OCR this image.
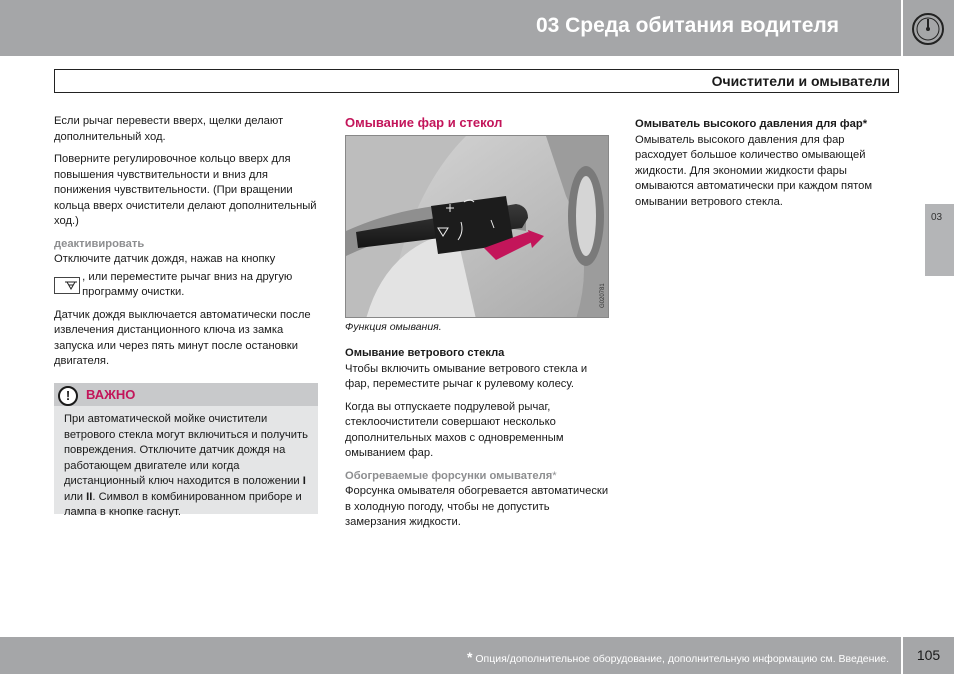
03 Среда обитания водителя
Очистители и омыватели
03

Если рычаг перевести вверх, щелки делают дополнительный ход.

Поверните регулировочное кольцо вверх для повышения чувствительности и вниз для понижения чувствительности. (При вращении кольца вверх очистители делают дополнительный ход.)

деактивировать

Отключите датчик дождя, нажав на кнопку

, или переместите рычаг вниз на другую программу очистки.

Датчик дождя выключается автоматически после извлечения дистанционного ключа из замка запуска или через пять минут после остановки двигателя.

!	ВАЖНО
При автоматической мойке очистители ветрового стекла могут включиться и получить повреждения. Отключите датчик дождя на работающем двигателе или когда дистанционный ключ находится в положении I или II. Символ в комбинированном приборе и лампа в кнопке гаснут.
Омывание фар и стекол
G020781
Функция омывания.

Омывание ветрового стекла

Чтобы включить омывание ветрового стекла и фар, переместите рычаг к рулевому колесу.

Когда вы отпускаете подрулевой рычаг, стеклоочистители совершают несколько дополнительных махов с одновременным омыванием фар.

Обогреваемые форсунки омывателя*

Форсунка омывателя обогревается автоматически в холодную погоду, чтобы не допустить замерзания жидкости.

Омыватель высокого давления для фар*

Омыватель высокого давления для фар расходует большое количество омывающей жидкости. Для экономии жидкости фары омываются автоматически при каждом пятом омывании ветрового стекла.

* Опция/дополнительное оборудование, дополнительную информацию см. Введение.	105
